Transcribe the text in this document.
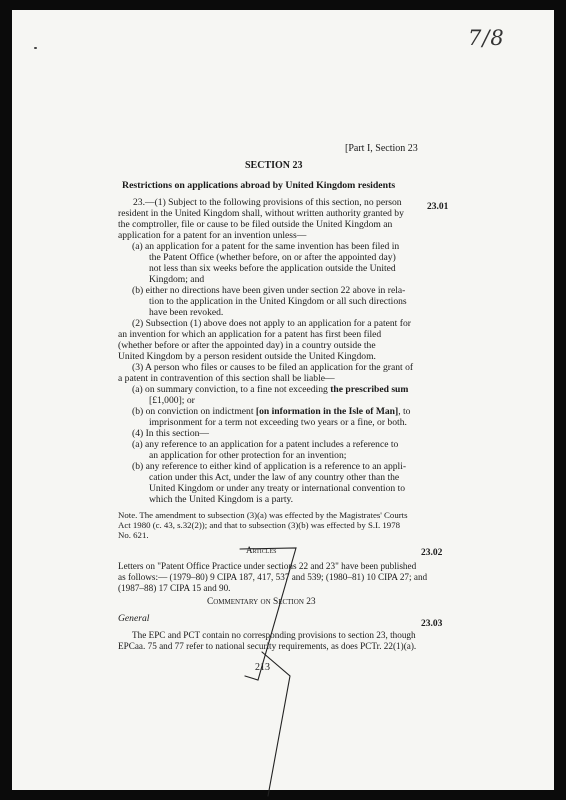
7/8
[Part I, Section 23
SECTION 23
Restrictions on applications abroad by United Kingdom residents
23.01
23.02
23.03
23.—(1) Subject to the following provisions of this section, no person
resident in the United Kingdom shall, without written authority granted by
the comptroller, file or cause to be filed outside the United Kingdom an
application for a patent for an invention unless—
(a) an application for a patent for the same invention has been filed in
the Patent Office (whether before, on or after the appointed day)
not less than six weeks before the application outside the United
Kingdom; and
(b) either no directions have been given under section 22 above in rela-
tion to the application in the United Kingdom or all such directions
have been revoked.
(2) Subsection (1) above does not apply to an application for a patent for
an invention for which an application for a patent has first been filed
(whether before or after the appointed day) in a country outside the
United Kingdom by a person resident outside the United Kingdom.
(3) A person who files or causes to be filed an application for the grant of
a patent in contravention of this section shall be liable—
(a) on summary conviction, to a fine not exceeding the prescribed sum
[£1,000]; or
(b) on conviction on indictment [on information in the Isle of Man], to
imprisonment for a term not exceeding two years or a fine, or both.
(4) In this section—
(a) any reference to an application for a patent includes a reference to
an application for other protection for an invention;
(b) any reference to either kind of application is a reference to an appli-
cation under this Act, under the law of any country other than the
United Kingdom or under any treaty or international convention to
which the United Kingdom is a party.
Note. The amendment to subsection (3)(a) was effected by the Magistrates' Courts
Act 1980 (c. 43, s.32(2)); and that to subsection (3)(b) was effected by S.I. 1978
No. 621.
Articles
Letters on "Patent Office Practice under sections 22 and 23" have been published
as follows:— (1979–80) 9 CIPA 187, 417, 537 and 539; (1980–81) 10 CIPA 27; and
(1987–88) 17 CIPA 15 and 90.
Commentary on Section 23
General
The EPC and PCT contain no corresponding provisions to section 23, though
EPCaa. 75 and 77 refer to national security requirements, as does PCTr. 22(1)(a).
213
